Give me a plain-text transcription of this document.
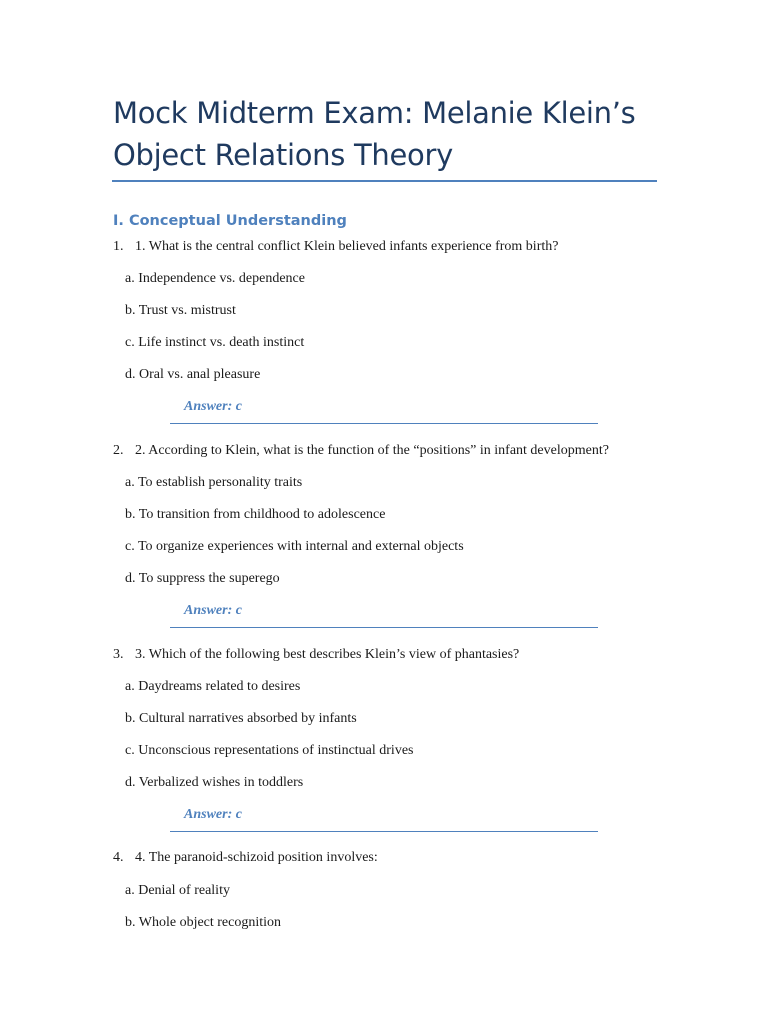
Mock Midterm Exam: Melanie Klein’s
Object Relations Theory
I. Conceptual Understanding
1. 1. What is the central conflict Klein believed infants experience from birth?
a. Independence vs. dependence
b. Trust vs. mistrust
c. Life instinct vs. death instinct
d. Oral vs. anal pleasure
Answer: c
2. 2. According to Klein, what is the function of the “positions” in infant development?
a. To establish personality traits
b. To transition from childhood to adolescence
c. To organize experiences with internal and external objects
d. To suppress the superego
Answer: c
3. 3. Which of the following best describes Klein’s view of phantasies?
a. Daydreams related to desires
b. Cultural narratives absorbed by infants
c. Unconscious representations of instinctual drives
d. Verbalized wishes in toddlers
Answer: c
4. 4. The paranoid-schizoid position involves:
a. Denial of reality
b. Whole object recognition
